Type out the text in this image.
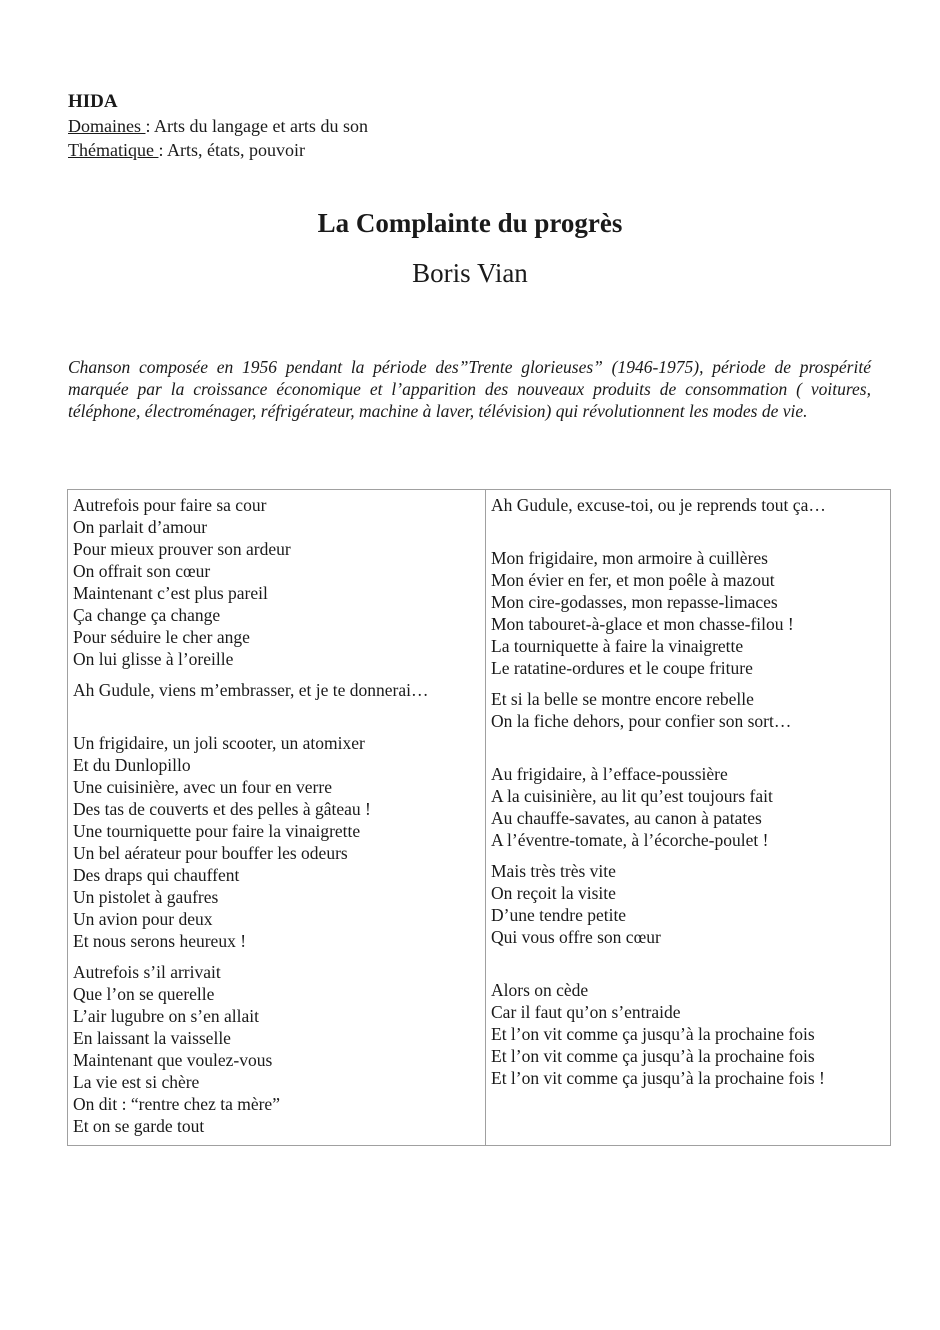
HIDA
Domaines : Arts du langage et arts du son
Thématique : Arts, états, pouvoir
La Complainte du progrès
Boris Vian
Chanson composée en 1956 pendant la période des”Trente glorieuses” (1946-1975), période de prospérité marquée par la croissance économique et l’apparition des nouveaux produits de consommation ( voitures, téléphone, électroménager, réfrigérateur, machine à laver, télévision) qui révolutionnent les modes de vie.
Autrefois pour faire sa cour
On parlait d’amour
Pour mieux prouver son ardeur
On offrait son cœur
Maintenant c’est plus pareil
Ça change ça change
Pour séduire le cher ange
On lui glisse à l’oreille
Ah Gudule, viens m’embrasser, et je te donnerai…
Un frigidaire, un joli scooter, un atomixer
Et du Dunlopillo
Une cuisinière, avec un four en verre
Des tas de couverts et des pelles à gâteau !
Une tourniquette pour faire la vinaigrette
Un bel aérateur pour bouffer les odeurs
Des draps qui chauffent
Un pistolet à gaufres
Un avion pour deux
Et nous serons heureux !
Autrefois s’il arrivait
Que l’on se querelle
L’air lugubre on s’en allait
En laissant la vaisselle
Maintenant que voulez-vous
La vie est si chère
On dit : “rentre chez ta mère”
Et on se garde tout
Ah Gudule, excuse-toi, ou je reprends tout ça…
Mon frigidaire, mon armoire à cuillères
Mon évier en fer, et mon poêle à mazout
Mon cire-godasses, mon repasse-limaces
Mon tabouret-à-glace et mon chasse-filou !
La tourniquette à faire la vinaigrette
Le ratatine-ordures et le coupe friture
Et si la belle se montre encore rebelle
On la fiche dehors, pour confier son sort…
Au frigidaire, à l’efface-poussière
A la cuisinière, au lit qu’est toujours fait
Au chauffe-savates, au canon à patates
A l’éventre-tomate, à l’écorche-poulet !
Mais très très vite
On reçoit la visite
D’une tendre petite
Qui vous offre son cœur
Alors on cède
Car il faut qu’on s’entraide
Et l’on vit comme ça jusqu’à la prochaine fois
Et l’on vit comme ça jusqu’à la prochaine fois
Et l’on vit comme ça jusqu’à la prochaine fois !
